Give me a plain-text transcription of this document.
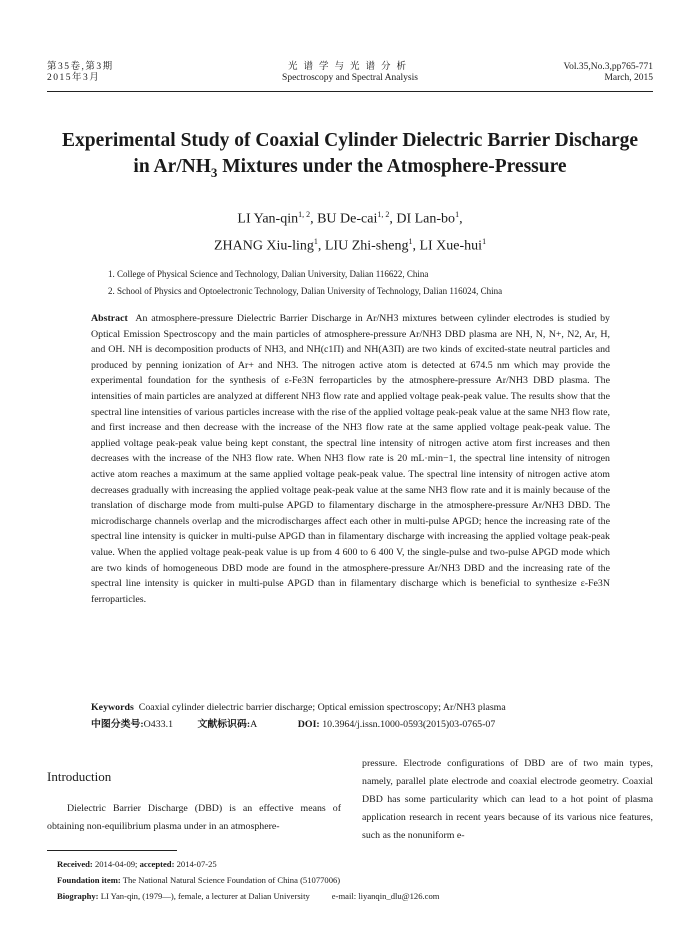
第35卷,第3期
2015年3月
光谱学与光谱分析
Spectroscopy and Spectral Analysis
Vol.35,No.3,pp765-771
March, 2015
Experimental Study of Coaxial Cylinder Dielectric Barrier Discharge
in $Ar/NH_3$ Mixtures under the Atmosphere-Pressure
LI Yan-qin$^{1, 2}$, BU De-cai$^{1, 2}$, DI Lan-$bo^1$,
ZHANG Xiu-ling$^1$, LIU Zhi-sheng$^1$, LI Xue-hui$^1$
1. College of Physical Science and Technology, Dalian University, Dalian 116622, China
2. School of Physics and Optoelectronic Technology, Dalian University of Technology, Dalian 116024, China
Abstract An atmosphere-pressure Dielectric Barrier Discharge in Ar/NH3 mixtures between cylinder electrodes is studied by Optical Emission Spectroscopy and the main particles of atmosphere-pressure Ar/NH3 DBD plasma are NH, N, N+, N2, Ar, H, and OH. NH is decomposition products of NH3, and NH(c1Π) and NH(A3Π) are two kinds of excited-state neutral particles and produced by penning ionization of Ar+ and NH3. The nitrogen active atom is detected at 674.5 nm which may provide the experimental foundation for the synthesis of ε-Fe3N ferroparticles by the atmosphere-pressure Ar/NH3 DBD plasma. The intensities of main particles are analyzed at different NH3 flow rate and applied voltage peak-peak value. The results show that the spectral line intensities of various particles increase with the rise of the applied voltage peak-peak value at the same NH3 flow rate, and first increase and then decrease with the increase of the NH3 flow rate at the same applied voltage peak-peak value. The applied voltage peak-peak value being kept constant, the spectral line intensity of nitrogen active atom first increases and then decreases with the increase of the NH3 flow rate. When NH3 flow rate is 20 mL·min−1, the spectral line intensity of nitrogen active atom reaches a maximum at the same applied voltage peak-peak value. The spectral line intensity of nitrogen active atom decreases gradually with increasing the applied voltage peak-peak value at the same NH3 flow rate and it is mainly because of the translation of discharge mode from multi-pulse APGD to filamentary discharge in the atmosphere-pressure Ar/NH3 DBD. The microdischarge channels overlap and the microdischarges affect each other in multi-pulse APGD; hence the increasing rate of the spectral line intensity is quicker in multi-pulse APGD than in filamentary discharge with increasing the applied voltage peak-peak value. When the applied voltage peak-peak value is up from 4 600 to 6 400 V, the single-pulse and two-pulse APGD mode which are two kinds of homogeneous DBD mode are found in the atmosphere-pressure Ar/NH3 DBD and the increasing rate of the spectral line intensity is quicker in multi-pulse APGD than in filamentary discharge which is beneficial to synthesize ε-Fe3N ferroparticles.
Keywords Coaxial cylinder dielectric barrier discharge; Optical emission spectroscopy; Ar/NH3 plasma
中图分类号:O433.1 文献标识码:A	DOI: 10.3964/j.issn.1000-0593(2015)03-0765-07
Introduction
Dielectric Barrier Discharge (DBD) is an effective means of obtaining non-equilibrium plasma under in an atmosphere-
pressure. Electrode configurations of DBD are of two main types, namely, parallel plate electrode and coaxial electrode geometry. Coaxial DBD has some particularity which can lead to a hot point of plasma application research in recent years because of its various nice features, such as the nonuniform e-
Received: 2014-04-09; accepted: 2014-07-25
Foundation item: The National Natural Science Foundation of China (51077006)
Biography: LI Yan-qin, (1979—), female, a lecturer at Dalian University	e-mail: liyanqin_dlu@126.com
